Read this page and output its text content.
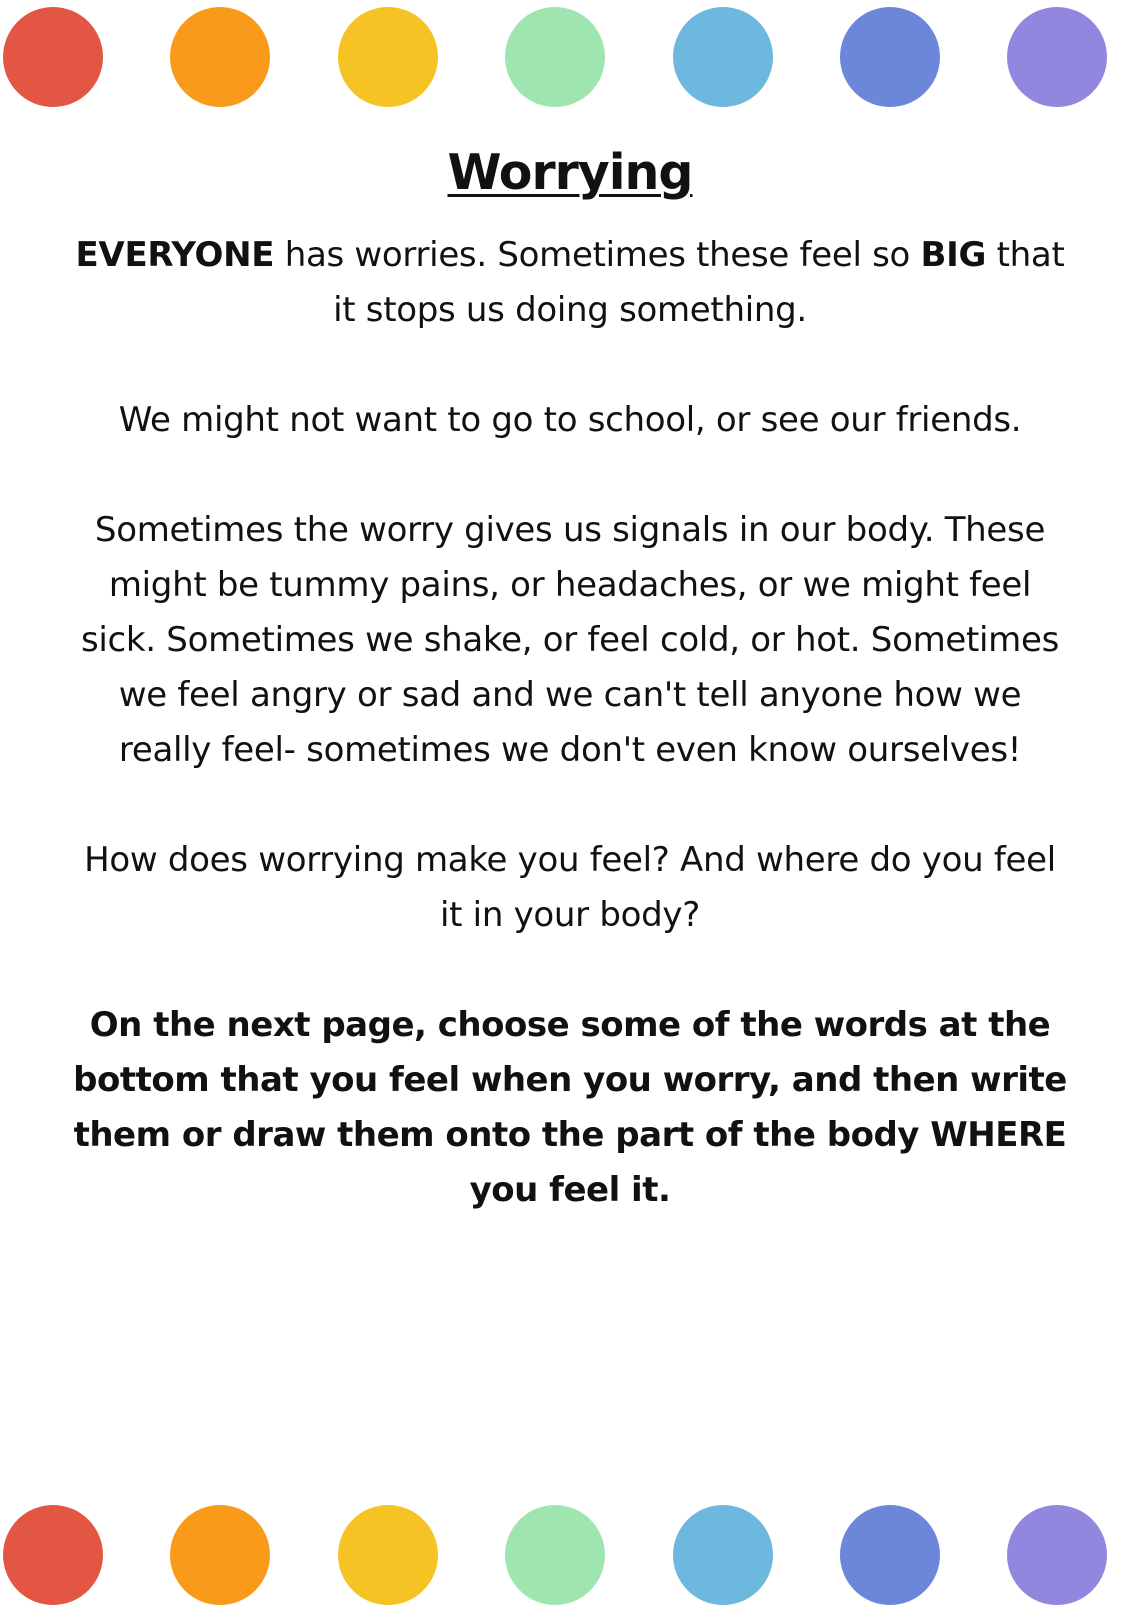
Worrying

EVERYONE has worries. Sometimes these feel so BIG that it stops us doing something.

We might not want to go to school, or see our friends.

Sometimes the worry gives us signals in our body. These might be tummy pains, or headaches, or we might feel sick. Sometimes we shake, or feel cold, or hot. Sometimes we feel angry or sad and we can't tell anyone how we really feel- sometimes we don't even know ourselves!

How does worrying make you feel? And where do you feel it in your body?

On the next page, choose some of the words at the bottom that you feel when you worry, and then write them or draw them onto the part of the body WHERE you feel it.
